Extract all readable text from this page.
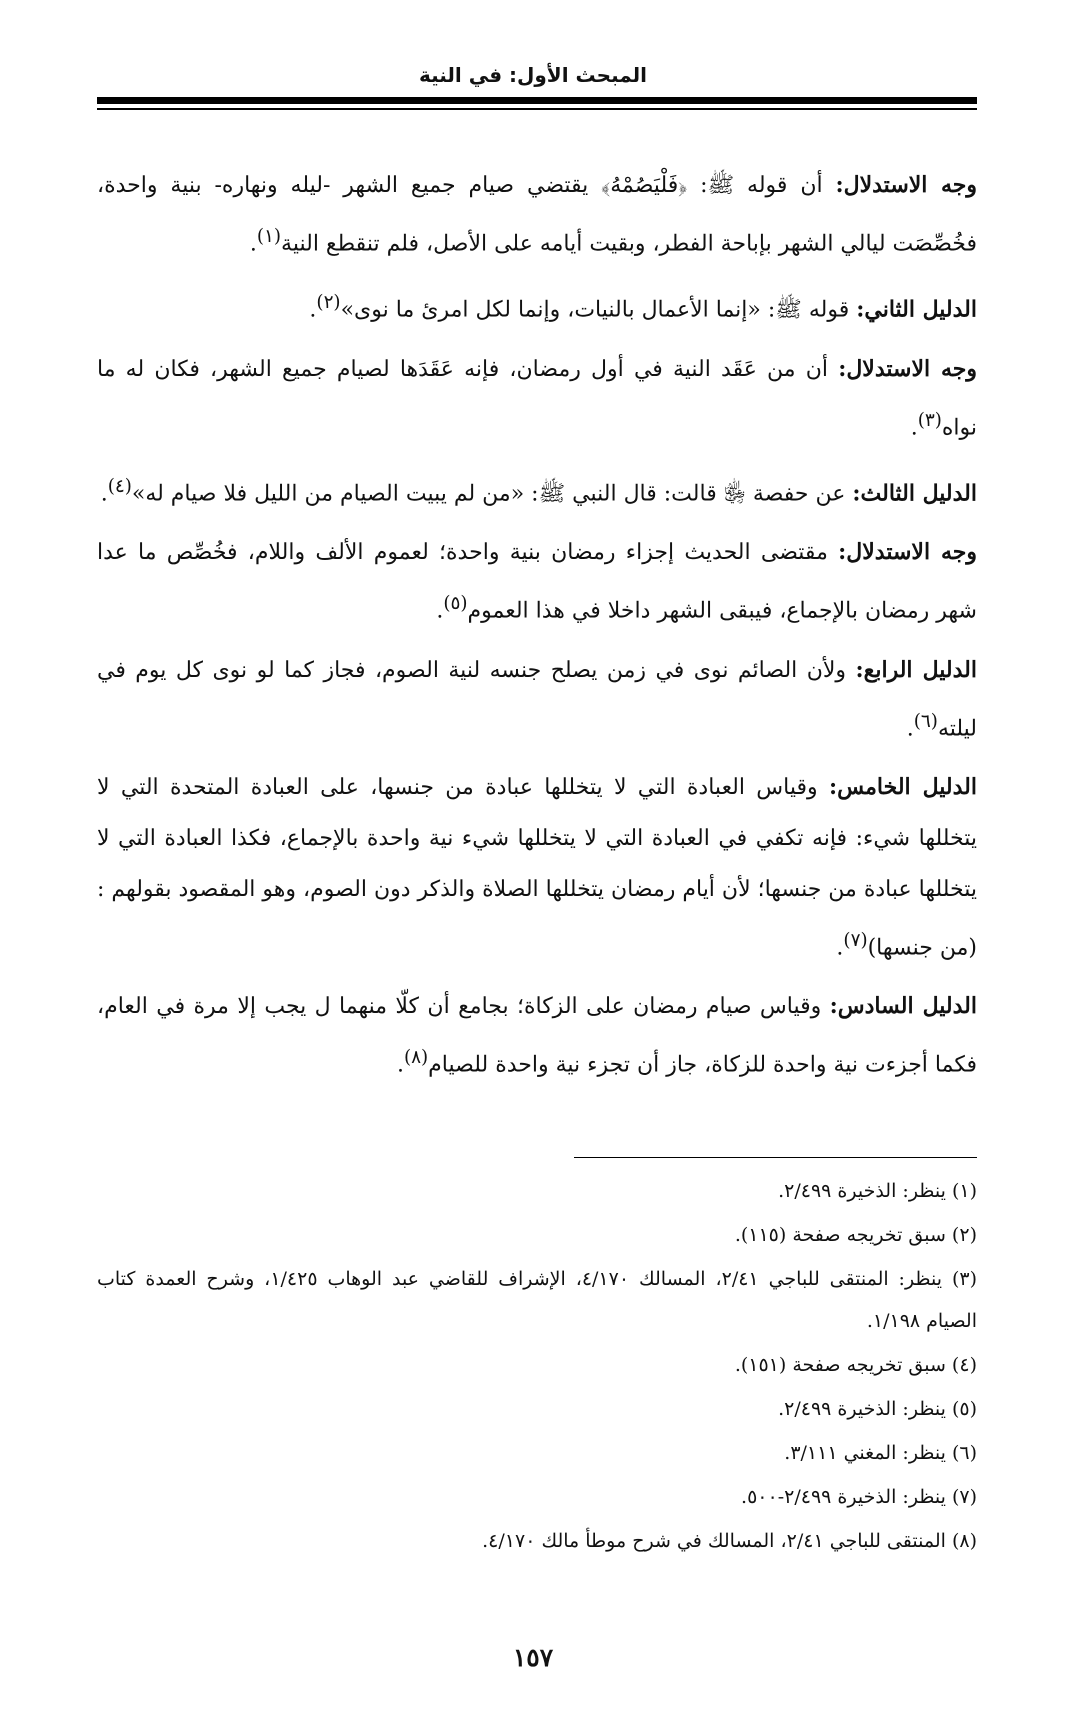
المبحث الأول: في النية

وجه الاستدلال: أن قوله ﷺ: ﴿فَلْيَصُمْهُ﴾ يقتضي صيام جميع الشهر -ليله ونهاره- بنية واحدة، فخُصِّصَت ليالي الشهر بإباحة الفطر، وبقيت أيامه على الأصل، فلم تنقطع النية$^{(١)}$.

الدليل الثاني: قوله ﷺ: «إنما الأعمال بالنيات، وإنما لكل امرئ ما نوى»$^{(٢)}$.

وجه الاستدلال: أن من عَقَد النية في أول رمضان، فإنه عَقَدَها لصيام جميع الشهر، فكان له ما نواه$^{(٣)}$.

الدليل الثالث: عن حفصة ﵂ قالت: قال النبي ﷺ: «من لم يبيت الصيام من الليل فلا صيام له»$^{(٤)}$.

وجه الاستدلال: مقتضى الحديث إجزاء رمضان بنية واحدة؛ لعموم الألف واللام، فخُصِّص ما عدا شهر رمضان بالإجماع، فيبقى الشهر داخلا في هذا العموم$^{(٥)}$.

الدليل الرابع: ولأن الصائم نوى في زمن يصلح جنسه لنية الصوم، فجاز كما لو نوى كل يوم في ليلته$^{(٦)}$.

الدليل الخامس: وقياس العبادة التي لا يتخللها عبادة من جنسها، على العبادة المتحدة التي لا يتخللها شيء: فإنه تكفي في العبادة التي لا يتخللها شيء نية واحدة بالإجماع، فكذا العبادة التي لا يتخللها عبادة من جنسها؛ لأن أيام رمضان يتخللها الصلاة والذكر دون الصوم، وهو المقصود بقولهم : (من جنسها)$^{(٧)}$.

الدليل السادس: وقياس صيام رمضان على الزكاة؛ بجامع أن كلّا منهما ل يجب إلا مرة في العام، فكما أجزءت نية واحدة للزكاة، جاز أن تجزء نية واحدة للصيام$^{(٨)}$.

(١) ينظر: الذخيرة ٢/٤٩٩.

(٢) سبق تخريجه صفحة (١١٥).

(٣) ينظر: المنتقى للباجي ٢/٤١، المسالك ٤/١٧٠، الإشراف للقاضي عبد الوهاب ١/٤٢٥، وشرح العمدة كتاب الصيام ١/١٩٨.

(٤) سبق تخريجه صفحة (١٥١).

(٥) ينظر: الذخيرة ٢/٤٩٩.

(٦) ينظر: المغني ٣/١١١.

(٧) ينظر: الذخيرة ٢/٤٩٩-٥٠٠.

(٨) المنتقى للباجي ٢/٤١، المسالك في شرح موطأ مالك ٤/١٧٠.

١٥٧
